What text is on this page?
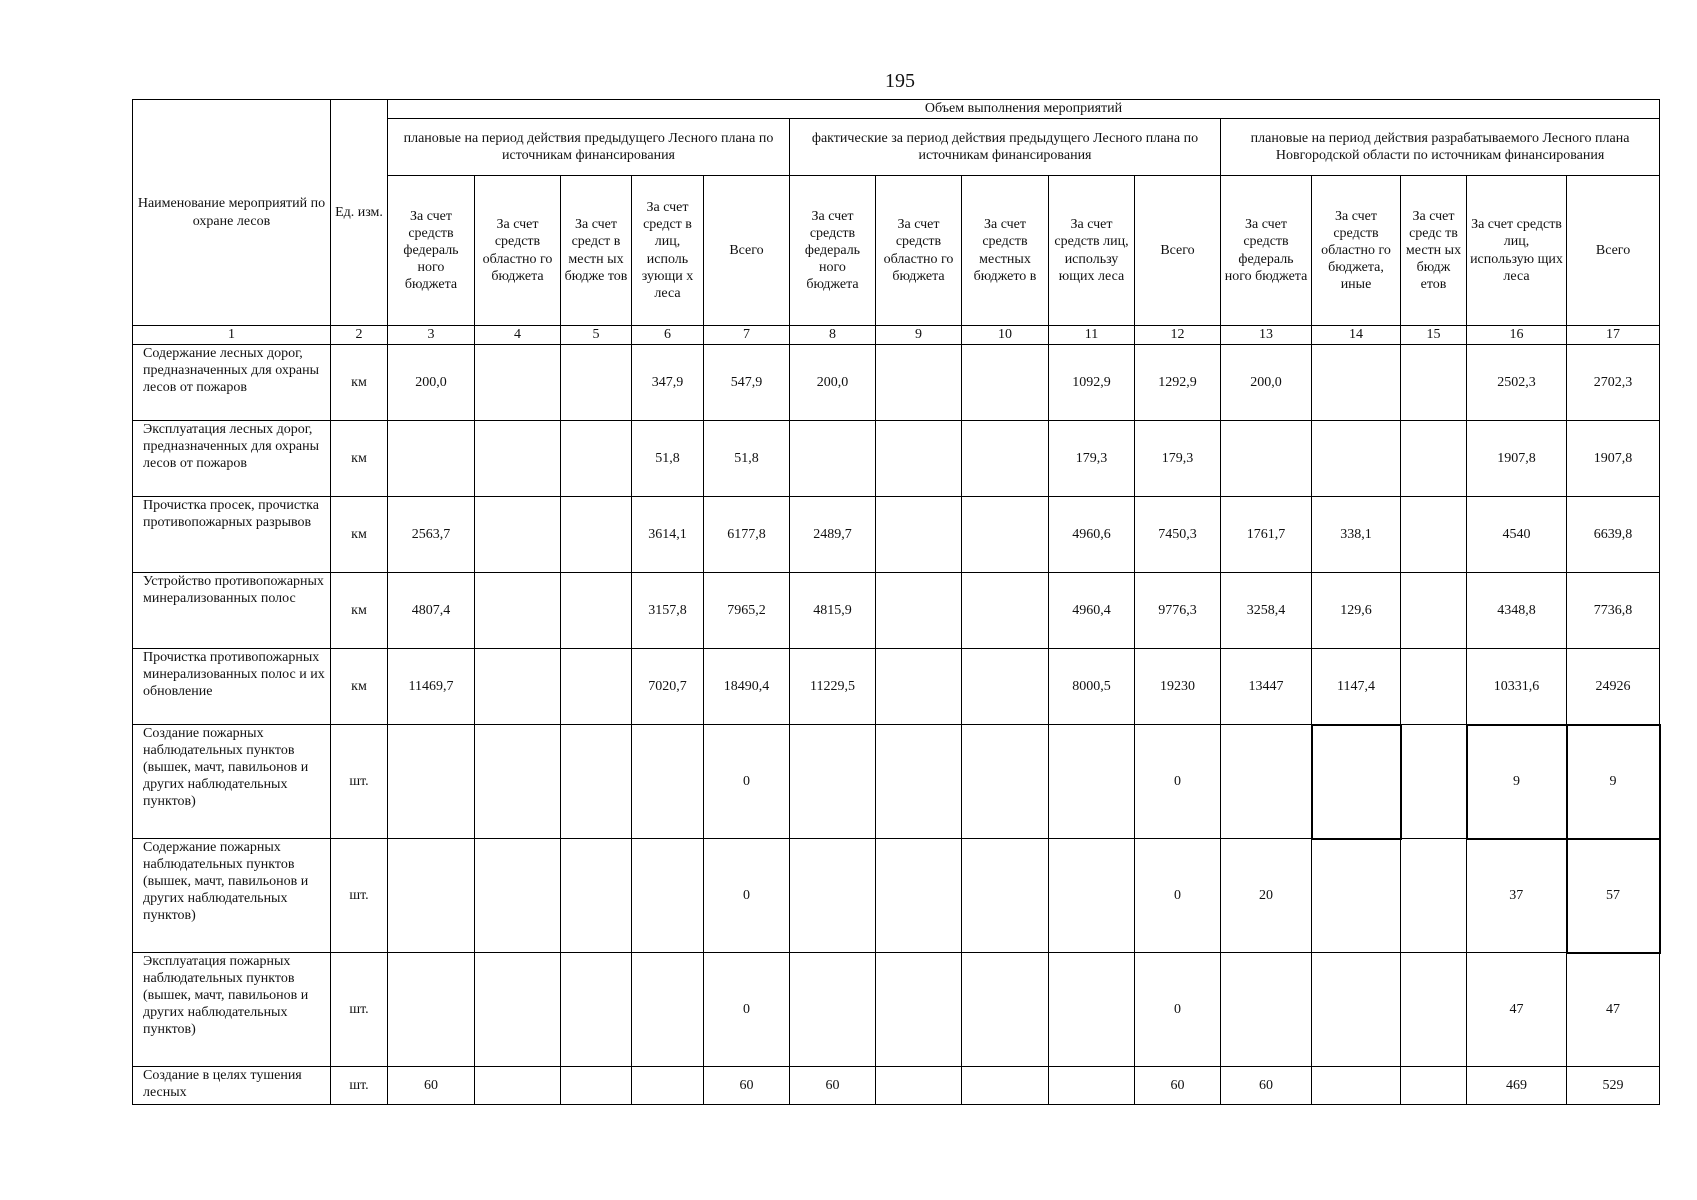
195
Наименование мероприятий по охране лесов	Ед. изм.	Объем выполнения мероприятий														
		плановые на период действия предыдущего Лесного плана по источникам финансирования					фактические за период действия предыдущего Лесного плана по источникам финансирования					плановые на период действия разрабатываемого Лесного плана Новгородской области по источникам финансирования				
		За счет средств федераль ного бюджета	За счет средств областно го бюджета	За счет средст в местн ых бюдже тов	За счет средст в лиц, исполь зующи х леса	Всего	За счет средств федераль ного бюджета	За счет средств областно го бюджета	За счет средств местных бюджето в	За счет средств лиц, использу ющих леса	Всего	За счет средств федераль ного бюджета	За счет средств областно го бюджета, иные	За счет средс тв местн ых бюдж етов	За счет средств лиц, использую щих леса	Всего
1	2	3	4	5	6	7	8	9	10	11	12	13	14	15	16	17
Содержание лесных дорог, предназначенных для охраны лесов от пожаров	км	200,0			347,9	547,9	200,0			1092,9	1292,9	200,0			2502,3	2702,3
Эксплуатация лесных дорог, предназначенных для охраны лесов от пожаров	км				51,8	51,8				179,3	179,3				1907,8	1907,8
Прочистка просек, прочистка противопожарных разрывов	км	2563,7			3614,1	6177,8	2489,7			4960,6	7450,3	1761,7	338,1		4540	6639,8
Устройство противопожарных минерализованных полос	км	4807,4			3157,8	7965,2	4815,9			4960,4	9776,3	3258,4	129,6		4348,8	7736,8
Прочистка противопожарных минерализованных полос и их обновление	км	11469,7			7020,7	18490,4	11229,5			8000,5	19230	13447	1147,4		10331,6	24926
Создание пожарных наблюдательных пунктов (вышек, мачт, павильонов и других наблюдательных пунктов)	шт.					0					0				9	9
Содержание пожарных наблюдательных пунктов (вышек, мачт, павильонов и других наблюдательных пунктов)	шт.					0					0	20			37	57
Эксплуатация пожарных наблюдательных пунктов (вышек, мачт, павильонов и других наблюдательных пунктов)	шт.					0					0				47	47
Создание в целях тушения лесных	шт.	60				60	60				60	60			469	529
